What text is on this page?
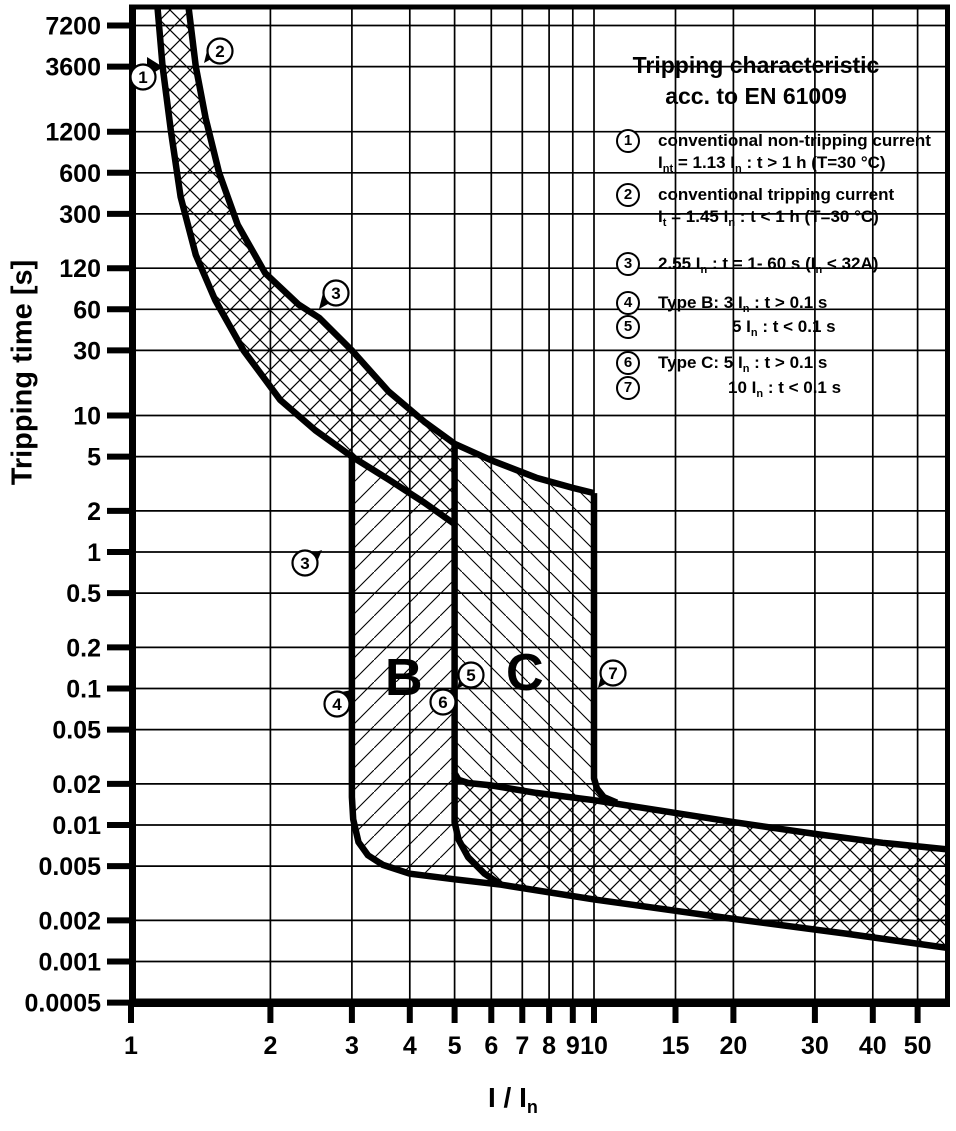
7200
3600
1200
600
300
120
60
30
10
5
2
1
0.5
0.2
0.1
0.05
0.02
0.01
0.005
0.002
0.001
0.0005
1	2	3 4 5 6 7 8 9 10 15 20 30 40 50
B C
1
2
3
3
4
5
6
7
Tripping time [s]
I / $I_n$
Tripping characteristic
acc. to EN 61009
1	conventional non-tripping current
$I_{nt} = 1.13$ $I_n$ : t > 1 h (T=30 °C)
2	conventional tripping current
$I_t = 1.45$ $I_n$ : t < 1 h (T=30 °C)
3	2.55 $I_n$ : t = 1- 60 s $(I_n < 32A)$
4	Type B: 3 $I_n$ : t > 0.1 s
5	5 $I_n$ : t < 0.1 s
6	Type C: 5 $I_n$ : t > 0.1 s
7	10 $I_n$ : t < 0.1 s
